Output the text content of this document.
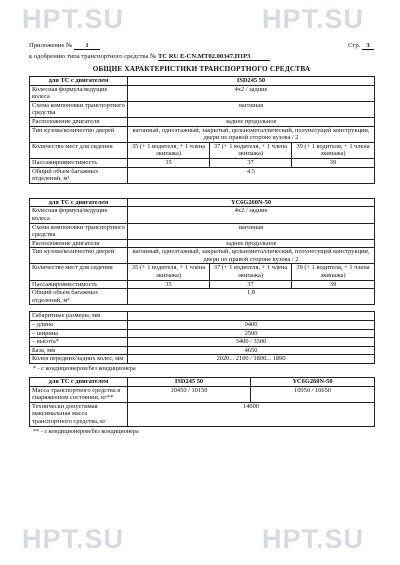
HPT.SU	HPT.SU
HPT.SU	HPT.SU
Приложение № 1	Стр. 3
к одобрению типа транспортного средства № TC RU E-CN.MT02.00347.П1Р3
ОБЩИЕ ХАРАКТЕРИСТИКИ ТРАНСПОРТНОГО СРЕДСТВА
для ТС с двигателем	ISD245 50		
Колесная формула/ведущие колеса	4x2 / задние		
Схема компоновки транспортного средства	вагонная		
Расположение двигателя	заднее продольное		
Тип кузова/количество дверей	вагонный, одноэтажный, закрытый, цельнометаллический, полунесущей конструкции, двери по правой стороне кузова / 2		
Количество мест для сидения	35 (+ 1 водителя, + 1 члена экипажа)	37 (+ 1 водителя, + 1 члена экипажа)	39 (+ 1 водителя, + 1 члена экипажа)
Пассажировместимость	35	37	39
Общий объем багажных отделений, м³	4.5		
для ТС с двигателем	YC6G260N-50		
Колесная формула/ведущие колеса	4x2 / задние		
Схема компоновки транспортного средства	вагонная		
Расположение двигателя	заднее продольное		
Тип кузова/количество дверей	вагонный, одноэтажный, закрытый, цельнометаллический, полунесущей конструкции, двери по правой стороне кузова / 2		
Количество мест для сидения	35 (+ 1 водителя, + 1 члена экипажа)	37 (+ 1 водителя, + 1 члена экипажа)	39 (+ 1 водителя, + 1 члена экипажа)
Пассажировместимость	35	37	39
Общий объем багажных отделений, м³	1.8		

Габаритные размеры, мм			
– длина	9400		
– ширина	2500		
– высота*	3400 / 3300		
База, мм	4650		
Колея передних/задних колес, мм	2020... 2100 / 1800... 1890		
* - с кондиционером/без кондиционера
для ТС с двигателем	ISD245 50	YC6G260N-50
Масса транспортного средства в снаряженном состоянии, кг**	10450 / 10150	10950 / 10650
Технически допустимая максимальная масса транспортного средства, кг	14000	
** - с кондиционером/без кондиционера
